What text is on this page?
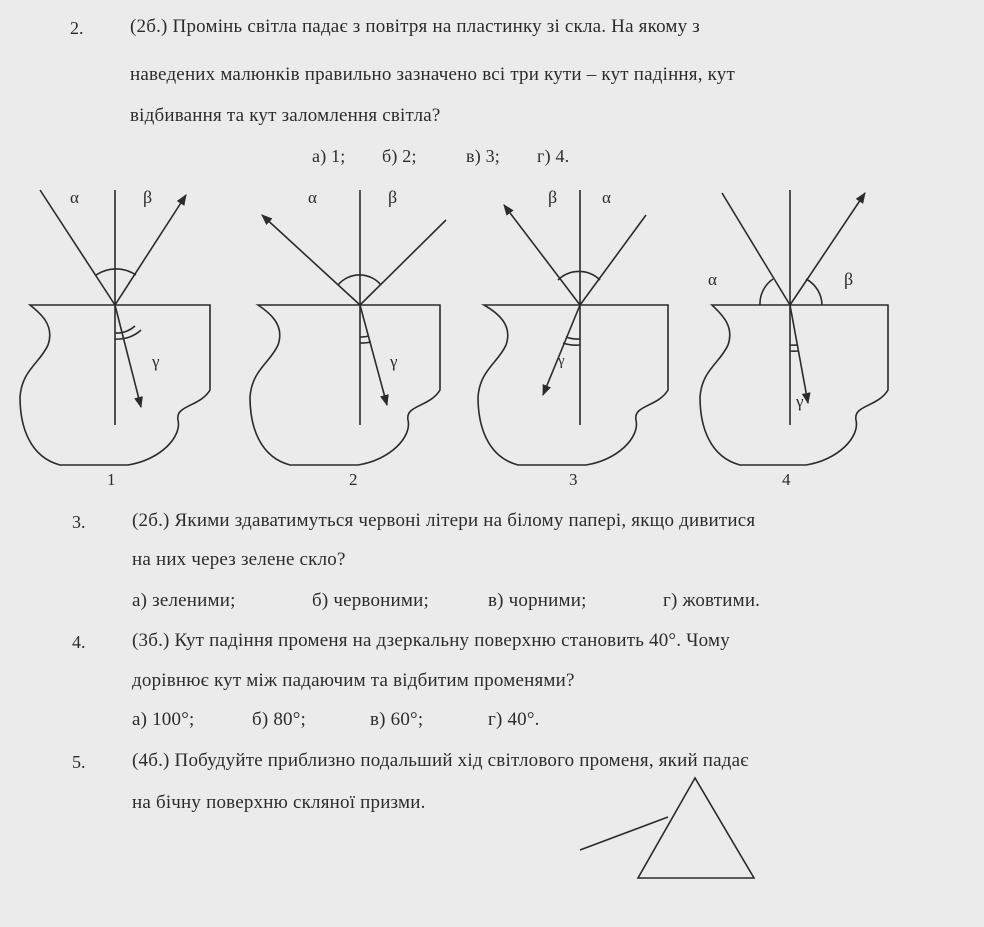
2. (2б.) Промінь світла падає з повітря на пластинку зі скла. На якому з
наведених малюнків правильно зазначено всі три кути – кут падіння, кут
відбивання та кут заломлення світла?
а) 1; б) 2;	в) 3; г) 4.
α	β
γ
1
α	β
γ
2
β	α
γ
3
α	β
γ
4
3. (2б.) Якими здаватимуться червоні літери на білому папері, якщо дивитися
на них через зелене скло?
а) зеленими;	б) червоними;	в) чорними;	г) жовтими.
4. (3б.) Кут падіння променя на дзеркальну поверхню становить 40°. Чому
дорівнює кут між падаючим та відбитим променями?
а) 100°;	б) 80°;	в) 60°;	г) 40°.
5. (4б.) Побудуйте приблизно подальший хід світлового променя, який падає
на бічну поверхню скляної призми.
